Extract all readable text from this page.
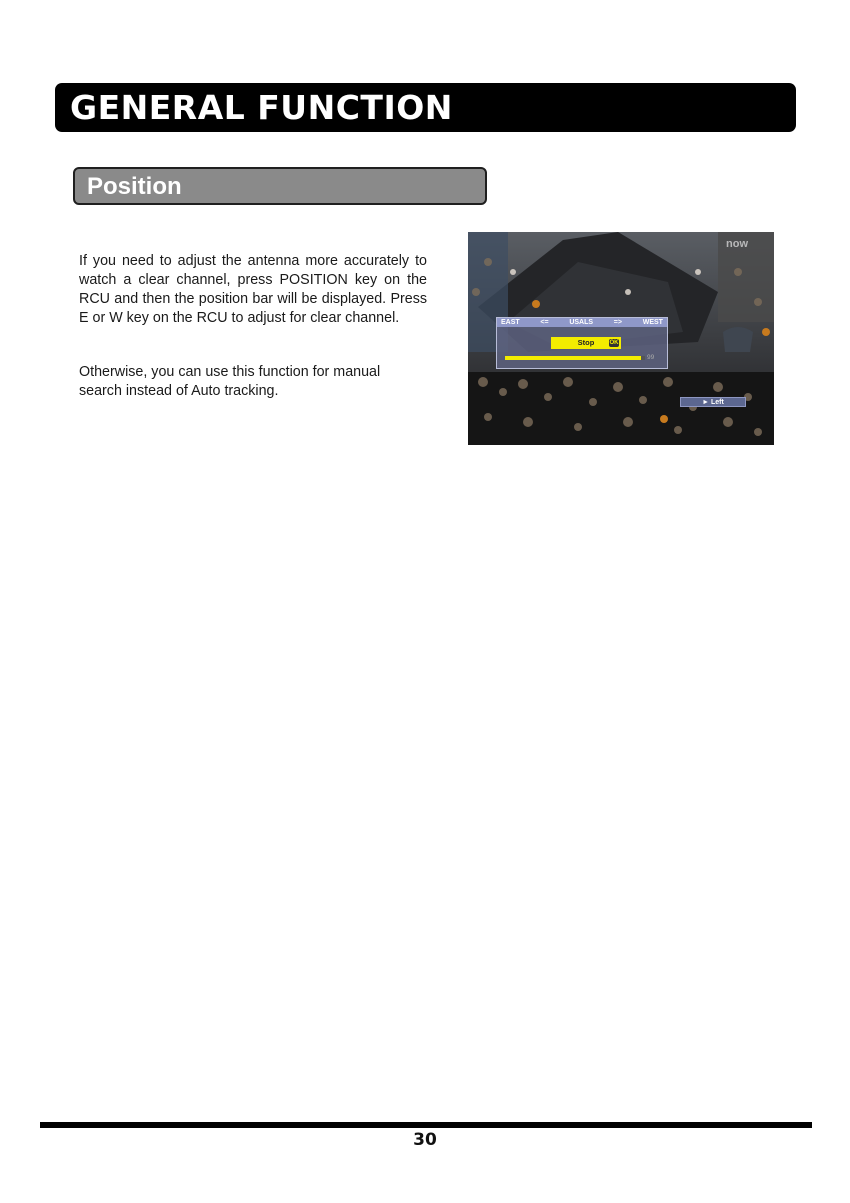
GENERAL FUNCTION
Position

If you need to adjust the antenna more accurately to watch a clear channel, press POSITION key on the RCU and then the position bar will be displayed. Press E or W key on the RCU to adjust for clear channel.

Otherwise, you can use this function for manual search instead of Auto tracking.

now
EAST	<=	USALS	=>	WEST
Stop	OK
99
► Left
30
